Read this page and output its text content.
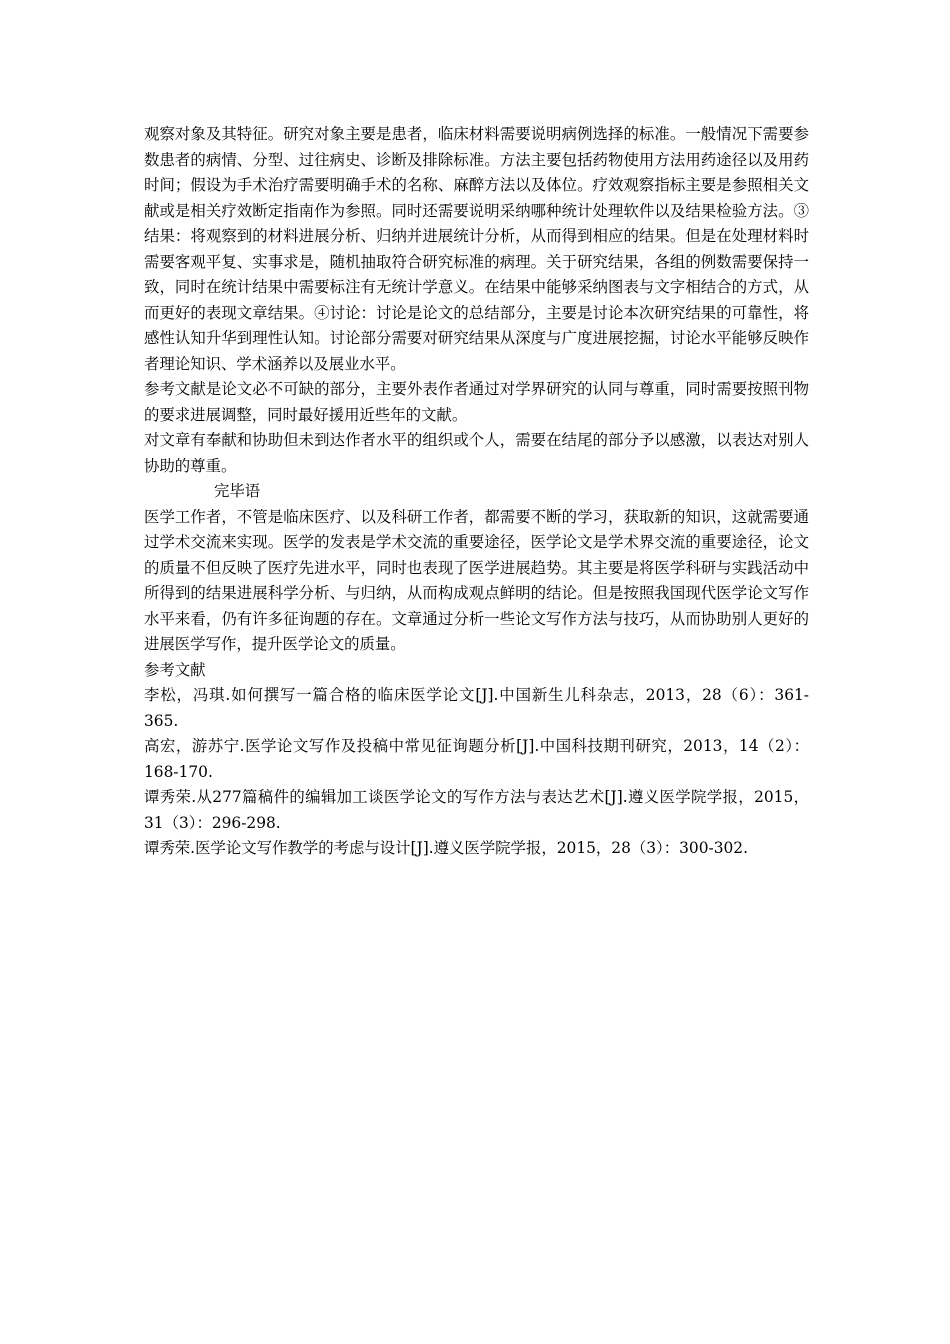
观察对象及其特征。研究对象主要是患者，临床材料需要说明病例选择的标准。一般情况下需要参数患者的病情、分型、过往病史、诊断及排除标准。方法主要包括药物使用方法用药途径以及用药时间；假设为手术治疗需要明确手术的名称、麻醉方法以及体位。疗效观察指标主要是参照相关文献或是相关疗效断定指南作为参照。同时还需要说明采纳哪种统计处理软件以及结果检验方法。③结果：将观察到的材料进展分析、归纳并进展统计分析，从而得到相应的结果。但是在处理材料时需要客观平复、实事求是，随机抽取符合研究标准的病理。关于研究结果，各组的例数需要保持一致，同时在统计结果中需要标注有无统计学意义。在结果中能够采纳图表与文字相结合的方式，从而更好的表现文章结果。④讨论：讨论是论文的总结部分，主要是讨论本次研究结果的可靠性，将感性认知升华到理性认知。讨论部分需要对研究结果从深度与广度进展挖掘，讨论水平能够反映作者理论知识、学术涵养以及展业水平。

参考文献是论文必不可缺的部分，主要外表作者通过对学界研究的认同与尊重，同时需要按照刊物的要求进展调整，同时最好援用近些年的文献。

对文章有奉献和协助但未到达作者水平的组织或个人，需要在结尾的部分予以感激，以表达对别人协助的尊重。

完毕语

医学工作者，不管是临床医疗、以及科研工作者，都需要不断的学习，获取新的知识，这就需要通过学术交流来实现。医学的发表是学术交流的重要途径，医学论文是学术界交流的重要途径，论文的质量不但反映了医疗先进水平，同时也表现了医学进展趋势。其主要是将医学科研与实践活动中所得到的结果进展科学分析、与归纳，从而构成观点鲜明的结论。但是按照我国现代医学论文写作水平来看，仍有许多征询题的存在。文章通过分析一些论文写作方法与技巧，从而协助别人更好的进展医学写作，提升医学论文的质量。

参考文献

李松，冯琪.如何撰写一篇合格的临床医学论文[J].中国新生儿科杂志，2013，28（6）：361-365.

高宏，游苏宁.医学论文写作及投稿中常见征询题分析[J].中国科技期刊研究，2013，14（2）：168-170.

谭秀荣.从277篇稿件的编辑加工谈医学论文的写作方法与表达艺术[J].遵义医学院学报，2015，31（3）：296-298.

谭秀荣.医学论文写作教学的考虑与设计[J].遵义医学院学报，2015，28（3）：300-302.
